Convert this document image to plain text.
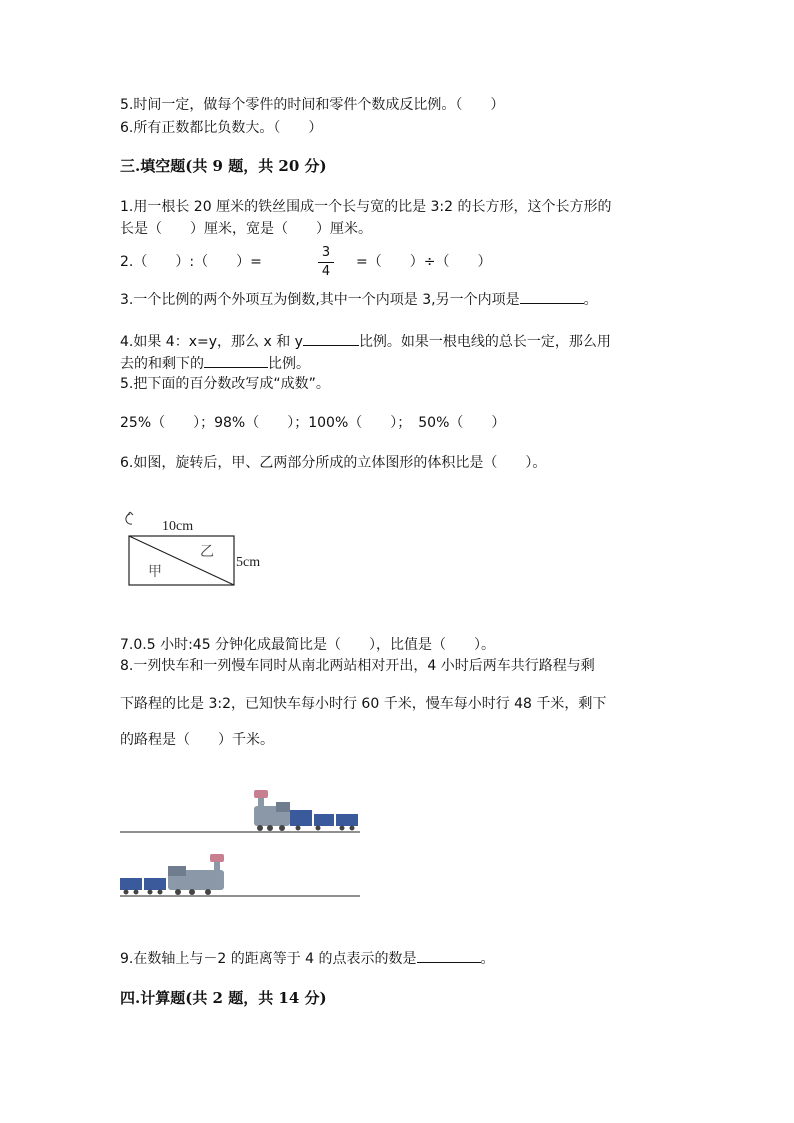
5.时间一定，做每个零件的时间和零件个数成反比例。（　　）
6.所有正数都比负数大。（　　）
三.填空题(共 9 题，共 20 分)
1.用一根长 20 厘米的铁丝围成一个长与宽的比是 3:2 的长方形，这个长方形的
长是（　　）厘米，宽是（　　）厘米。
2.（　　）:（　　）=
3
4
=（　　）÷（　　）
3.一个比例的两个外项互为倒数,其中一个内项是 3,另一个内项是	。
4.如果 4：x=y，那么 x 和 y	比例。如果一根电线的总长一定，那么用
去的和剩下的	比例。
5.把下面的百分数改写成“成数”。
25%（　　）；98%（　　）；100%（　　）；　50%（　　）
6.如图，旋转后，甲、乙两部分所成的立体图形的体积比是（　　）。
10cm
5cm
甲
乙
7.0.5 小时:45 分钟化成最简比是（　　），比值是（　　）。
8.一列快车和一列慢车同时从南北两站相对开出，4 小时后两车共行路程与剩
下路程的比是 3:2，已知快车每小时行 60 千米，慢车每小时行 48 千米，剩下
的路程是（　　）千米。
9.在数轴上与－2 的距离等于 4 的点表示的数是	。
四.计算题(共 2 题，共 14 分)
